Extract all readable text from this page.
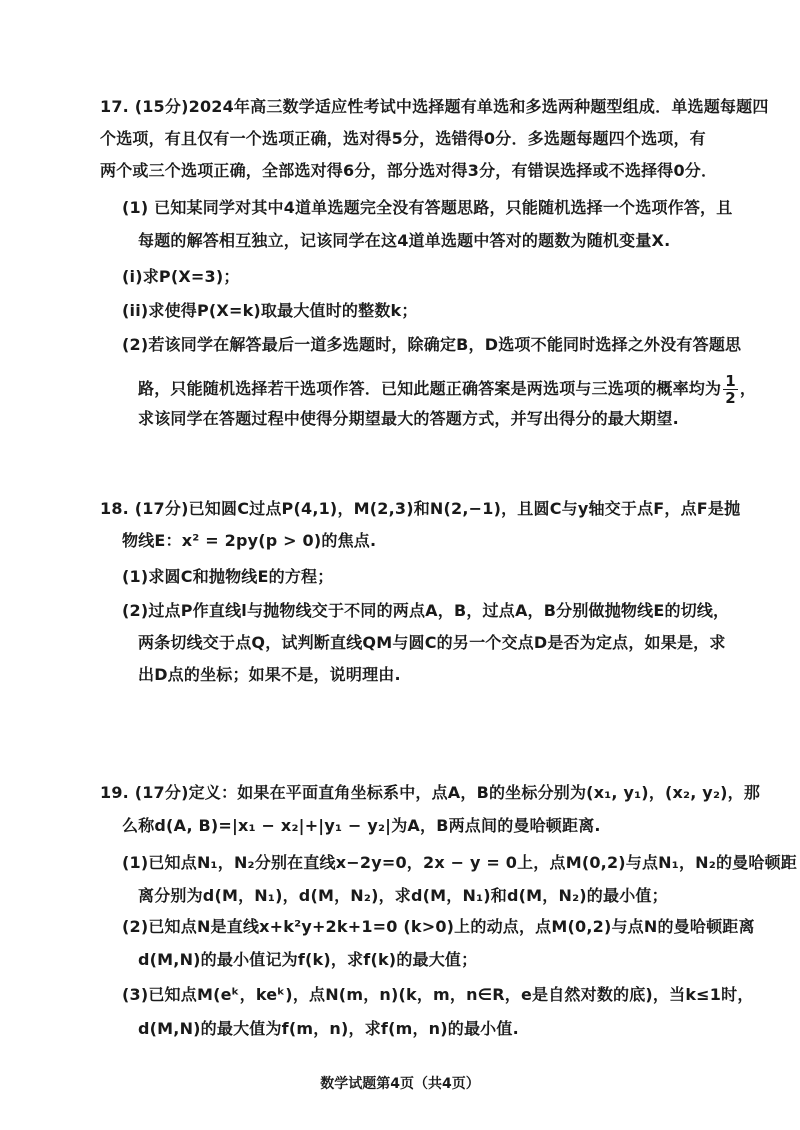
17. (15分)2024年高三数学适应性考试中选择题有单选和多选两种题型组成．单选题每题四
个选项，有且仅有一个选项正确，选对得5分，选错得0分．多选题每题四个选项，有
两个或三个选项正确，全部选对得6分，部分选对得3分，有错误选择或不选择得0分．
(1) 已知某同学对其中4道单选题完全没有答题思路，只能随机选择一个选项作答，且
每题的解答相互独立，记该同学在这4道单选题中答对的题数为随机变量X.
(i)求P(X=3)；
(ii)求使得P(X=k)取最大值时的整数k；
(2)若该同学在解答最后一道多选题时，除确定B，D选项不能同时选择之外没有答题思
路，只能随机选择若干选项作答．已知此题正确答案是两选项与三选项的概率均为 $\frac{1}{2}$ ，
求该同学在答题过程中使得分期望最大的答题方式，并写出得分的最大期望.
18. (17分)已知圆C过点P(4,1)，M(2,3)和N(2,−1)，且圆C与y轴交于点F，点F是抛
物线E：x² = 2py(p > 0)的焦点.
(1)求圆C和抛物线E的方程；
(2)过点P作直线l与抛物线交于不同的两点A，B，过点A，B分别做抛物线E的切线，
两条切线交于点Q，试判断直线QM与圆C的另一个交点D是否为定点，如果是，求
出D点的坐标；如果不是，说明理由.
19. (17分)定义：如果在平面直角坐标系中，点A，B的坐标分别为(x₁, y₁)，(x₂, y₂)，那
么称d(A, B)=|x₁ − x₂|+|y₁ − y₂|为A，B两点间的曼哈顿距离.
(1)已知点N₁，N₂分别在直线x−2y=0，2x − y = 0上，点M(0,2)与点N₁，N₂的曼哈顿距
离分别为d(M，N₁)，d(M，N₂)，求d(M，N₁)和d(M，N₂)的最小值；
(2)已知点N是直线x+k²y+2k+1=0 (k>0)上的动点，点M(0,2)与点N的曼哈顿距离
d(M,N)的最小值记为f(k)，求f(k)的最大值；
(3)已知点M(eᵏ，keᵏ)，点N(m，n)(k，m，n∈R，e是自然对数的底)，当k≤1时，
d(M,N)的最大值为f(m，n)，求f(m，n)的最小值.
数学试题第4页（共4页）
